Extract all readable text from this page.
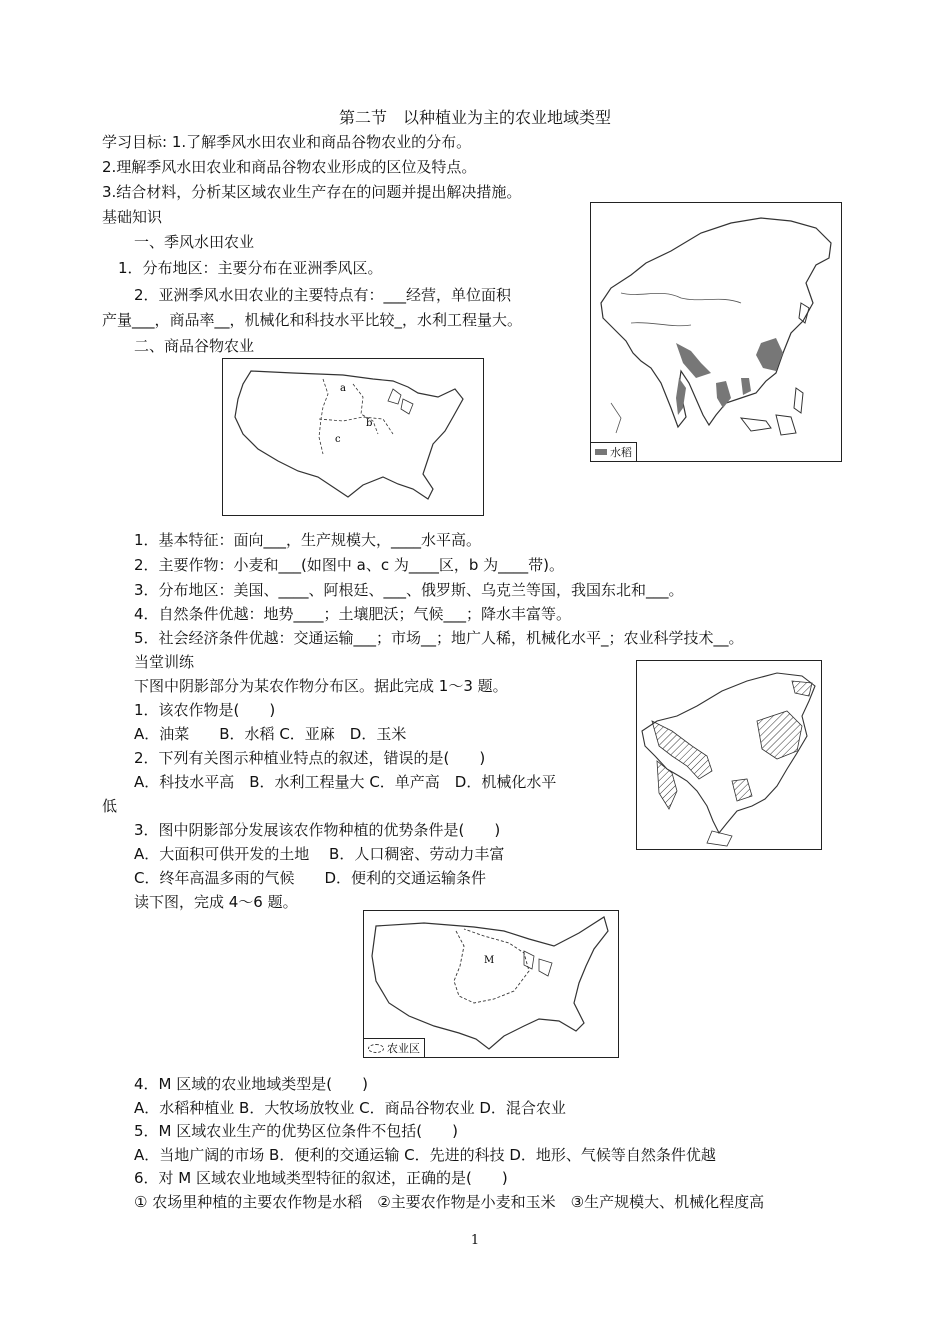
第二节　以种植业为主的农业地域类型
学习目标: 1.了解季风水田农业和商品谷物农业的分布。
2.理解季风水田农业和商品谷物农业形成的区位及特点。
3.结合材料，分析某区域农业生产存在的问题并提出解决措施。
基础知识
一、季风水田农业
1．分布地区：主要分布在亚洲季风区。
2．亚洲季风水田农业的主要特点有：___经营，单位面积
产量___，商品率__，机械化和科技水平比较_，水利工程量大。
二、商品谷物农业
水稻
a
b
c
1．基本特征：面向___，生产规模大，____水平高。
2．主要作物：小麦和___(如图中 a、c 为____区，b 为____带)。
3．分布地区：美国、____、阿根廷、___、俄罗斯、乌克兰等国，我国东北和___。
4．自然条件优越：地势____；土壤肥沃；气候___；降水丰富等。
5．社会经济条件优越：交通运输___；市场__；地广人稀，机械化水平_；农业科学技术__。
当堂训练
下图中阴影部分为某农作物分布区。据此完成 1～3 题。
1．该农作物是(　　)
A．油菜　　B．水稻 C．亚麻　D．玉米
2．下列有关图示种植业特点的叙述，错误的是(　　)
A．科技水平高　B．水利工程量大 C．单产高　D．机械化水平
低
3．图中阴影部分发展该农作物种植的优势条件是(　　)
A．大面积可供开发的土地　 B．人口稠密、劳动力丰富
C．终年高温多雨的气候　　D．便利的交通运输条件
读下图，完成 4～6 题。
M
农业区
4．M 区域的农业地域类型是(　　)
A．水稻种植业 B．大牧场放牧业 C．商品谷物农业 D．混合农业
5．M 区域农业生产的优势区位条件不包括(　　)
A．当地广阔的市场 B．便利的交通运输 C．先进的科技 D．地形、气候等自然条件优越
6．对 M 区域农业地域类型特征的叙述，正确的是(　　)
① 农场里种植的主要农作物是水稻　②主要农作物是小麦和玉米　③生产规模大、机械化程度高
1
